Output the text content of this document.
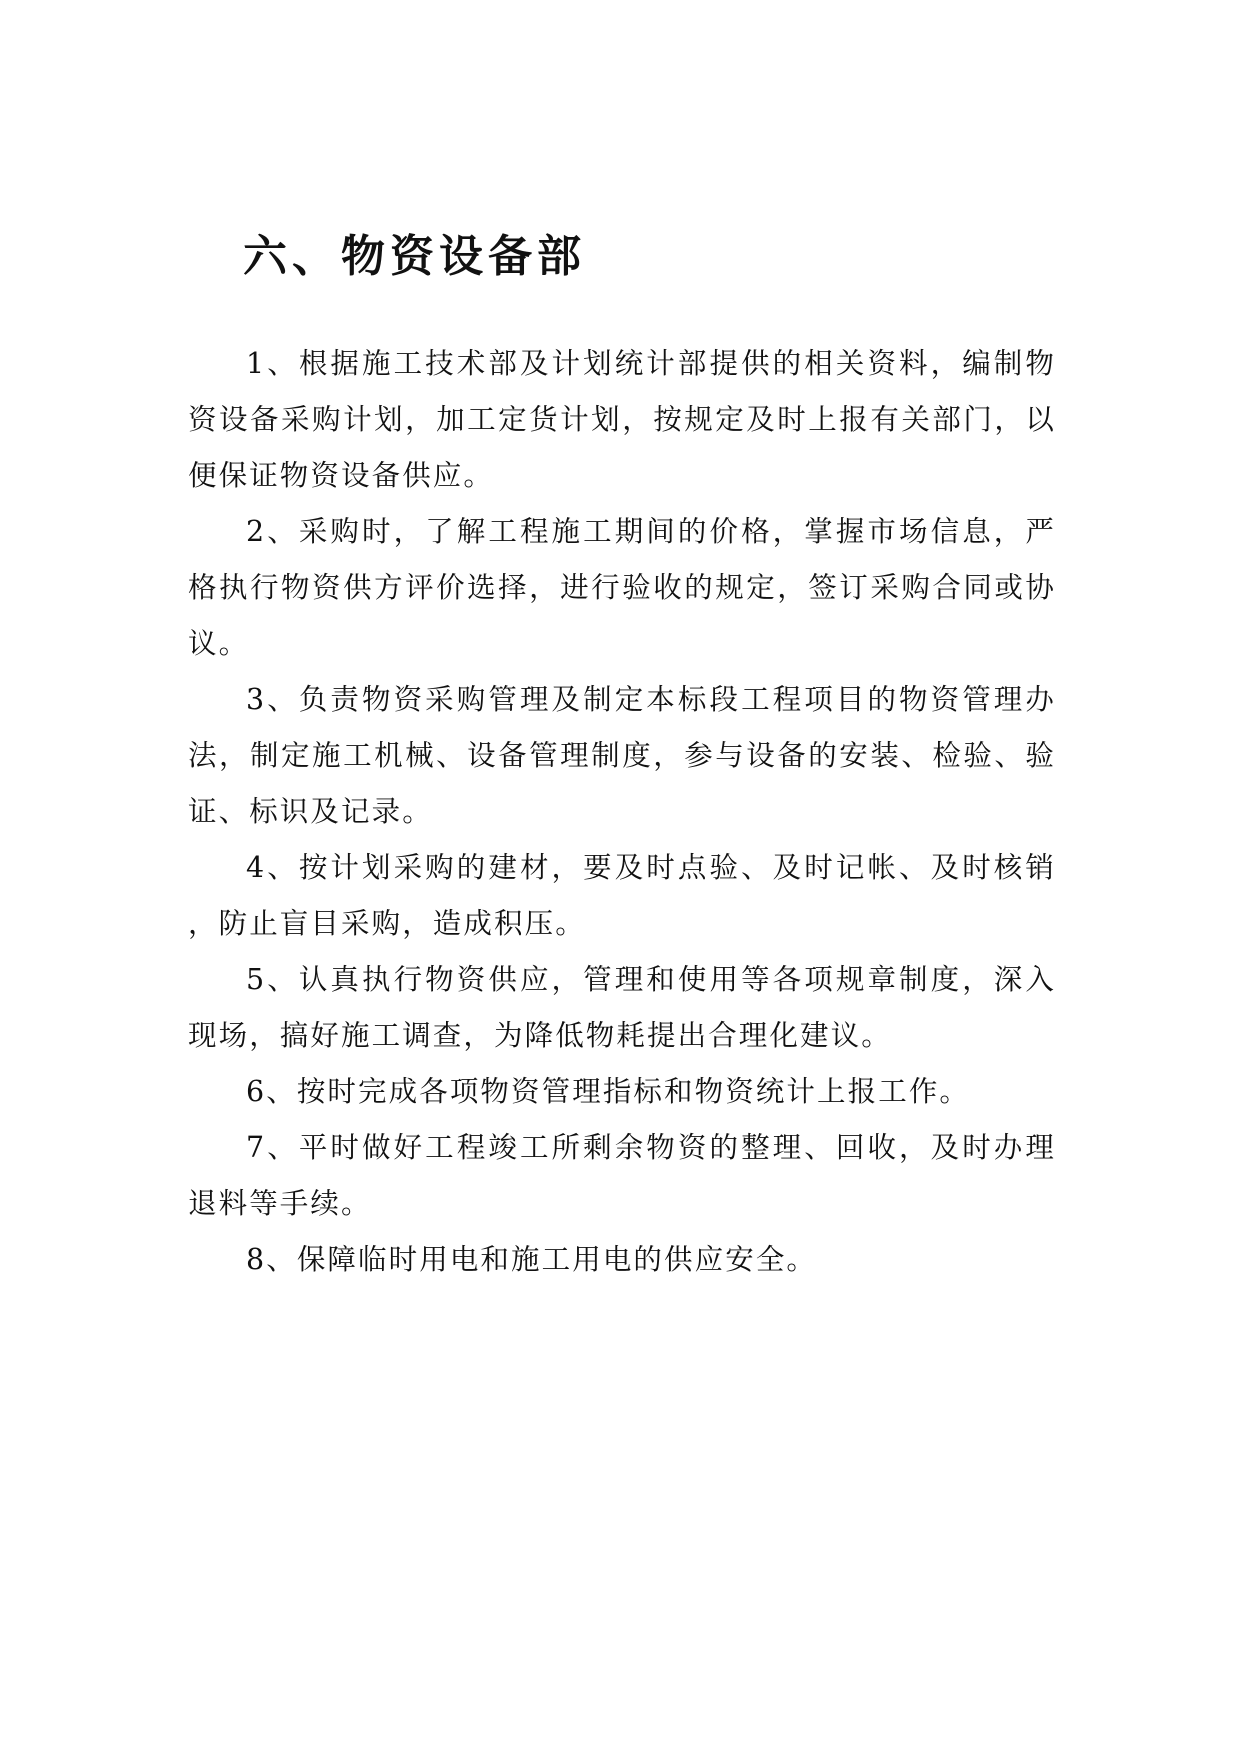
六、物资设备部

1、根据施工技术部及计划统计部提供的相关资料，编制物资设备采购计划，加工定货计划，按规定及时上报有关部门，以便保证物资设备供应。

2、采购时，了解工程施工期间的价格，掌握市场信息，严格执行物资供方评价选择，进行验收的规定，签订采购合同或协议。

3、负责物资采购管理及制定本标段工程项目的物资管理办法，制定施工机械、设备管理制度，参与设备的安装、检验、验证、标识及记录。

4、按计划采购的建材，要及时点验、及时记帐、及时核销，防止盲目采购，造成积压。

5、认真执行物资供应，管理和使用等各项规章制度，深入现场，搞好施工调查，为降低物耗提出合理化建议。

6、按时完成各项物资管理指标和物资统计上报工作。

7、平时做好工程竣工所剩余物资的整理、回收，及时办理退料等手续。

8、保障临时用电和施工用电的供应安全。
